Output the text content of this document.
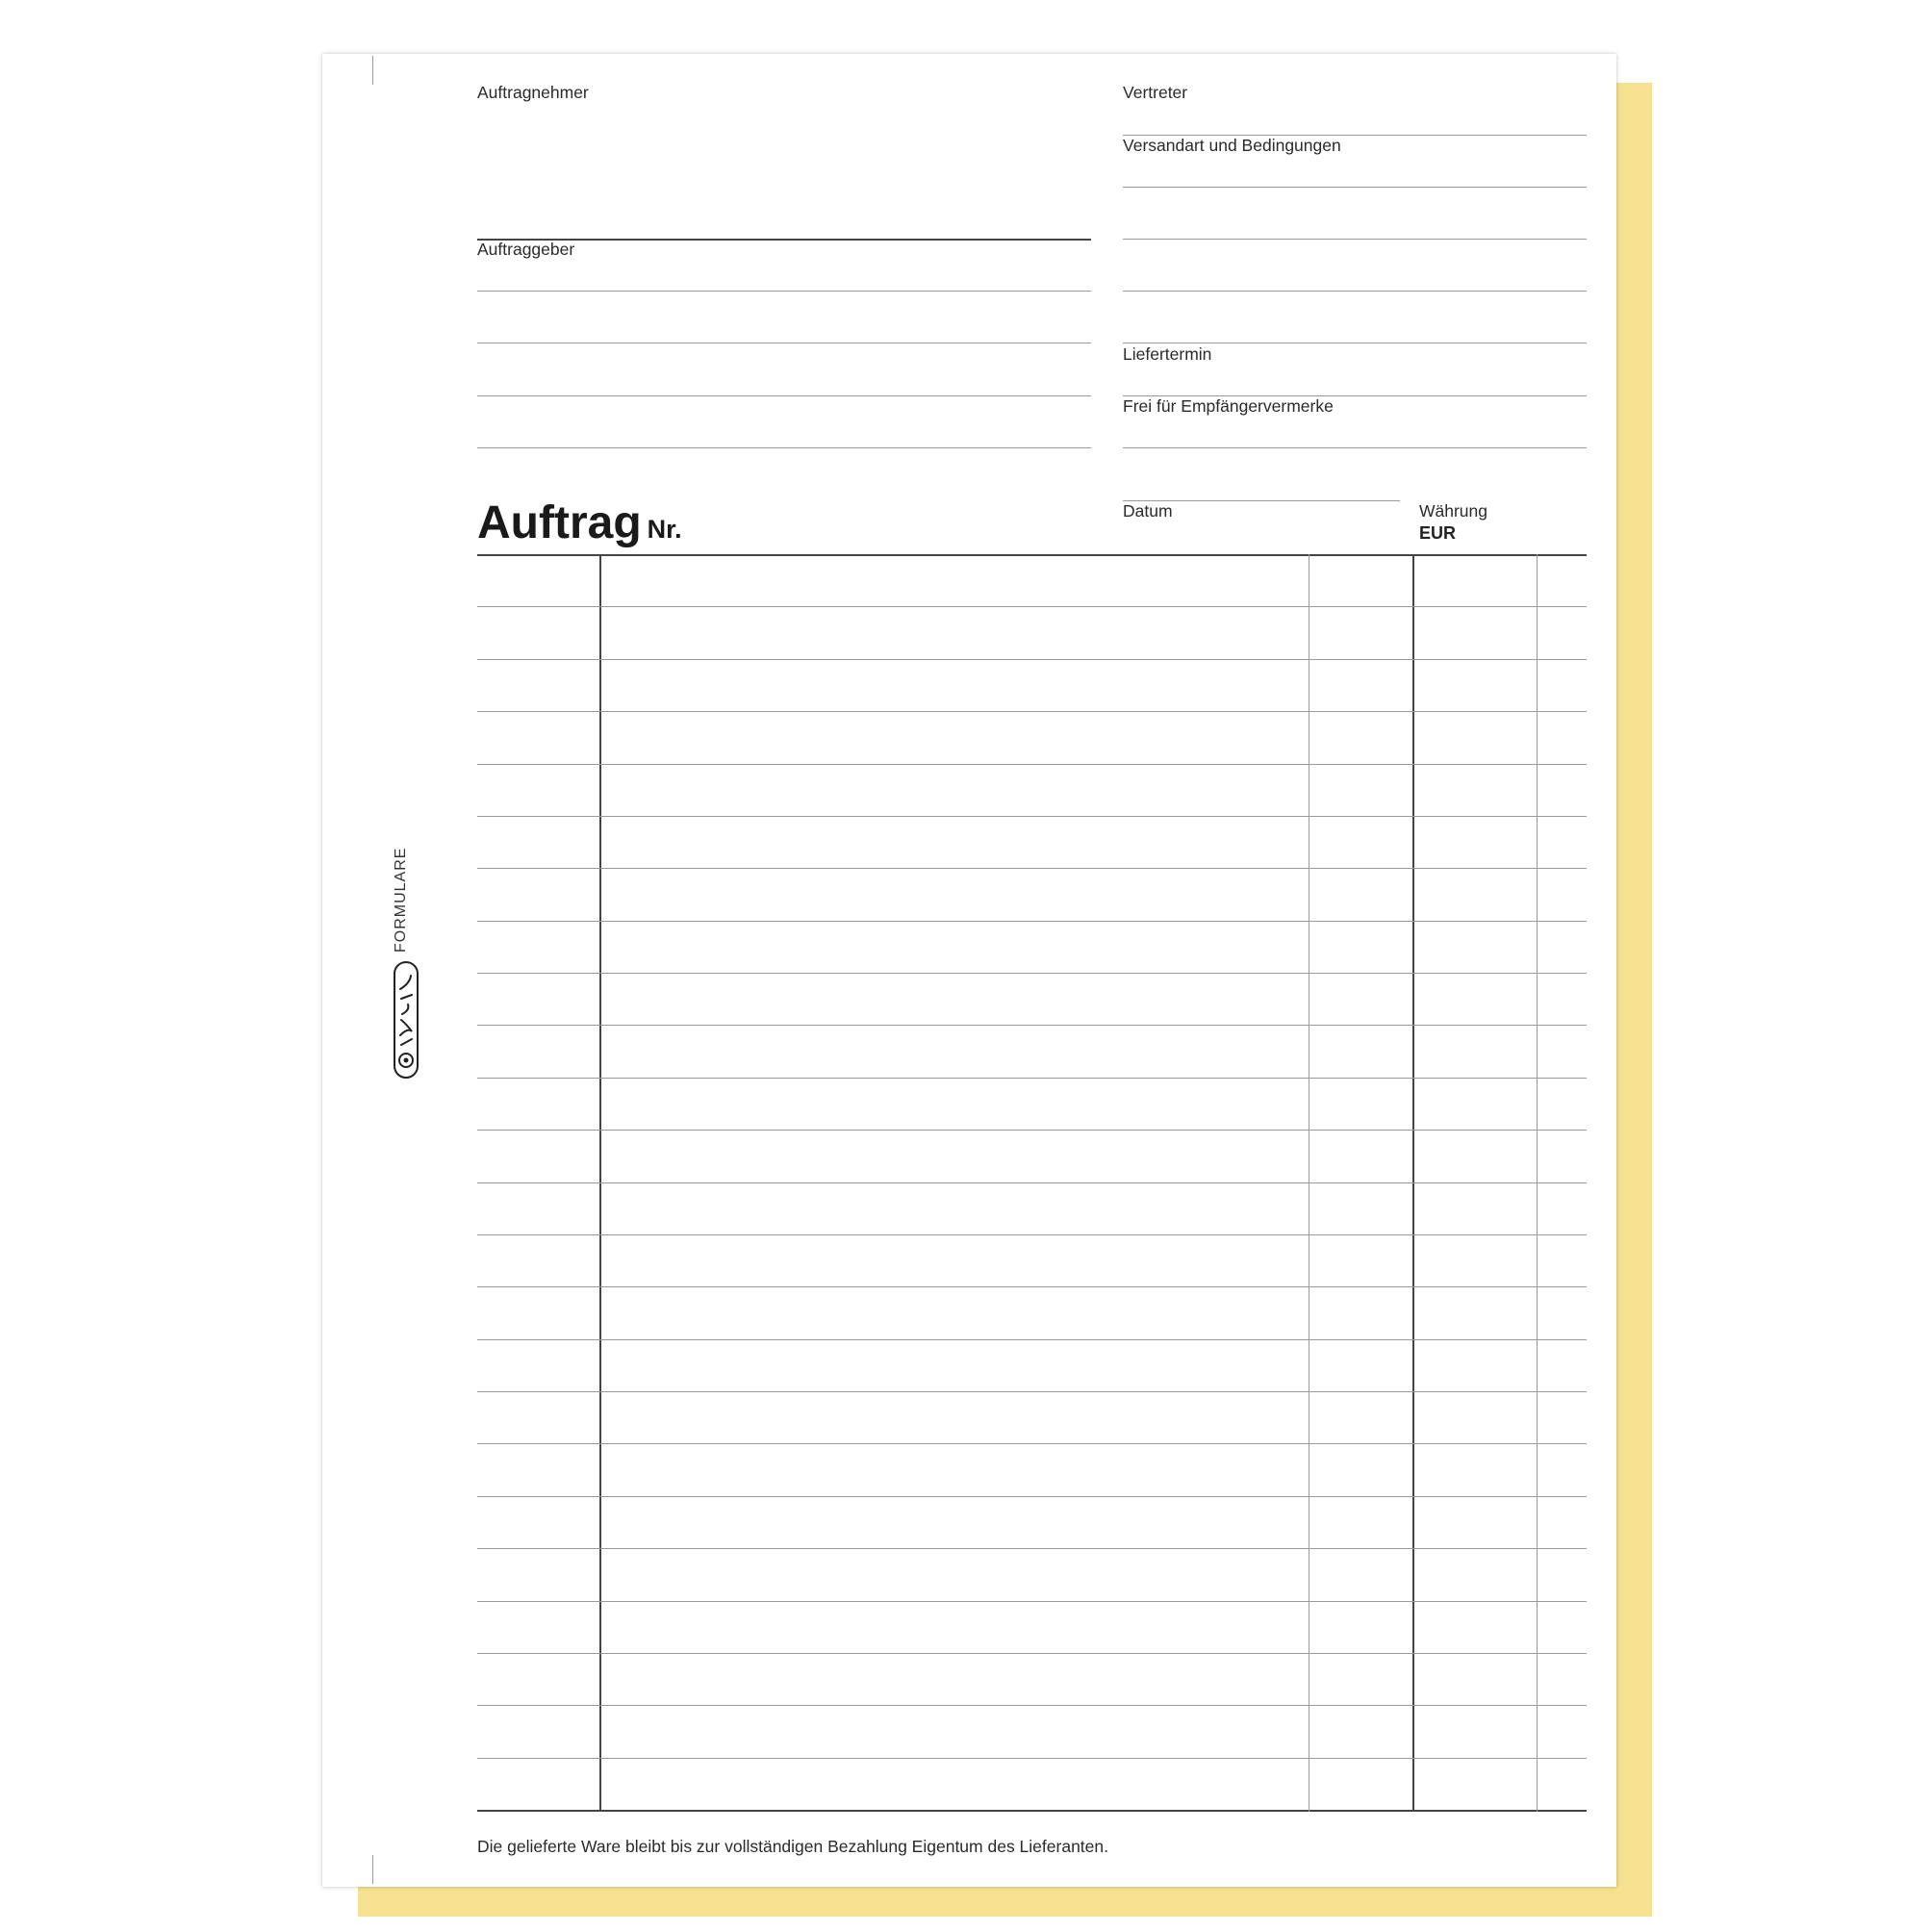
Auftragnehmer
Auftraggeber
Vertreter
Versandart und Bedingungen
Liefertermin
Frei für Empfängervermerke
Datum	Währung
EUR
Auftrag Nr.
FORMULARE
Die gelieferte Ware bleibt bis zur vollständigen Bezahlung Eigentum des Lieferanten.
